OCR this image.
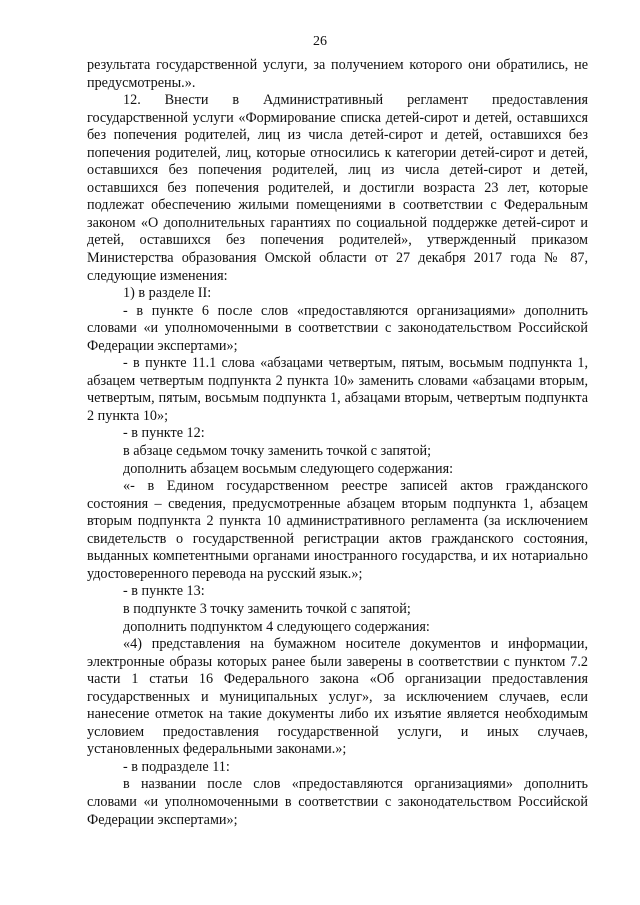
26

результата государственной услуги, за получением которого они обратились, не предусмотрены.».

12. Внести в Административный регламент предоставления государственной услуги «Формирование списка детей-сирот и детей, оставшихся без попечения родителей, лиц из числа детей-сирот и детей, оставшихся без попечения родителей, лиц, которые относились к категории детей-сирот и детей, оставшихся без попечения родителей, лиц из числа детей-сирот и детей, оставшихся без попечения родителей, и достигли возраста 23 лет, которые подлежат обеспечению жилыми помещениями в соответствии с Федеральным законом «О дополнительных гарантиях по социальной поддержке детей-сирот и детей, оставшихся без попечения родителей», утвержденный приказом Министерства образования Омской области от 27 декабря 2017 года № 87, следующие изменения:

1) в разделе II:

- в пункте 6 после слов «предоставляются организациями» дополнить словами «и уполномоченными в соответствии с законодательством Российской Федерации экспертами»;

- в пункте 11.1 слова «абзацами четвертым, пятым, восьмым подпункта 1, абзацем четвертым подпункта 2 пункта 10» заменить словами «абзацами вторым, четвертым, пятым, восьмым подпункта 1, абзацами вторым, четвертым подпункта 2 пункта 10»;

- в пункте 12:

в абзаце седьмом точку заменить точкой с запятой;

дополнить абзацем восьмым следующего содержания:

«- в Едином государственном реестре записей актов гражданского состояния – сведения, предусмотренные абзацем вторым подпункта 1, абзацем вторым подпункта 2 пункта 10 административного регламента (за исключением свидетельств о государственной регистрации актов гражданского состояния, выданных компетентными органами иностранного государства, и их нотариально удостоверенного перевода на русский язык.»;

- в пункте 13:

в подпункте 3 точку заменить точкой с запятой;

дополнить подпунктом 4 следующего содержания:

«4) представления на бумажном носителе документов и информации, электронные образы которых ранее были заверены в соответствии с пунктом 7.2 части 1 статьи 16 Федерального закона «Об организации предоставления государственных и муниципальных услуг», за исключением случаев, если нанесение отметок на такие документы либо их изъятие является необходимым условием предоставления государственной услуги, и иных случаев, установленных федеральными законами.»;

- в подразделе 11:

в названии после слов «предоставляются организациями» дополнить словами «и уполномоченными в соответствии с законодательством Российской Федерации экспертами»;
